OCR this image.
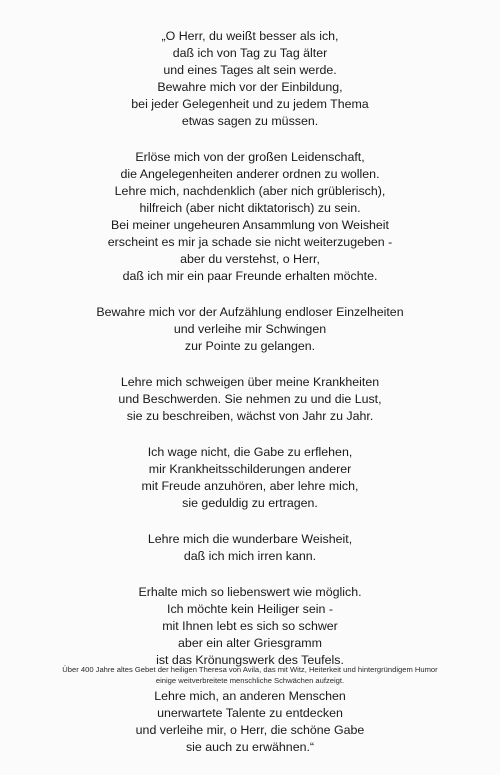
„O Herr, du weißt besser als ich,
daß ich von Tag zu Tag älter
und eines Tages alt sein werde.
Bewahre mich vor der Einbildung,
bei jeder Gelegenheit und zu jedem Thema
etwas sagen zu müssen.
Erlöse mich von der großen Leidenschaft,
die Angelegenheiten anderer ordnen zu wollen.
Lehre mich, nachdenklich (aber nich grüblerisch),
hilfreich (aber nicht diktatorisch) zu sein.
Bei meiner ungeheuren Ansammlung von Weisheit
erscheint es mir ja schade sie nicht weiterzugeben -
aber du verstehst, o Herr,
daß ich mir ein paar Freunde erhalten möchte.
Bewahre mich vor der Aufzählung endloser Einzelheiten
und verleihe mir Schwingen
zur Pointe zu gelangen.
Lehre mich schweigen über meine Krankheiten
und Beschwerden. Sie nehmen zu und die Lust,
sie zu beschreiben, wächst von Jahr zu Jahr.
Ich wage nicht, die Gabe zu erflehen,
mir Krankheitsschilderungen anderer
mit Freude anzuhören, aber lehre mich,
sie geduldig zu ertragen.
Lehre mich die wunderbare Weisheit,
daß ich mich irren kann.
Erhalte mich so liebenswert wie möglich.
Ich möchte kein Heiliger sein -
mit Ihnen lebt es sich so schwer
aber ein alter Griesgramm
ist das Krönungswerk des Teufels.
Lehre mich, an anderen Menschen
unerwartete Talente zu entdecken
und verleihe mir, o Herr, die schöne Gabe
sie auch zu erwähnen.“
Über 400 Jahre altes Gebet der heiligen Theresa von Avila, das mit Witz, Heiterkeit und hintergründigem Humor
einige weitverbreitete menschliche Schwächen aufzeigt.
